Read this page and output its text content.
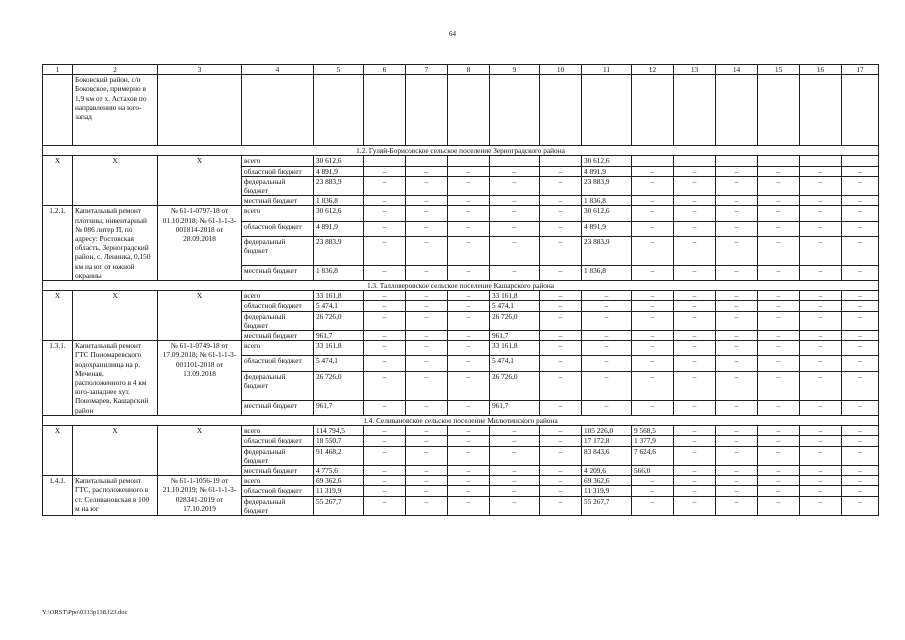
64
1	2	3	4	5	6	7	8	9	10	11	12	13	14	15	16	17
	Боковский район, с/п Боковское, примерно в 1,9 км от х. Астахов по направлению на юго-запад															
1.2. Гуляй-Борисовское сельское поселение Зерноградского района																
X	X	X	всего	30 612,6						30 612,6						
			областной бюджет	4 891,9	–	–	–	–	–	4 891,9	–	–	–	–	–	–
			федеральный бюджет	23 883,9	–	–	–	–	–	23 883,9	–	–	–	–	–	–
			местный бюджет	1 836,8	–	–	–	–	–	1 836,8	–	–	–	–	–	–
1.2.1.	Капитальный ремонт плотины, инвентарный № 086 литер П, по адресу: Ростовская область, Зерноградский район, с. Ленинка, 0,150 км на юг от южной окраины	№ 61-1-0797-18 от 01.10.2018; № 61-1-1-3-001814-2018 от 28.09.2018	всего	30 612,6	–	–	–	–	–	30 612,6	–	–	–	–	–	–
			областной бюджет	4 891,9	–	–	–	–	–	4 891,9	–	–	–	–	–	–
			федеральный бюджет	23 883,9	–	–	–	–	–	23 883,9	–	–	–	–	–	–
			местный бюджет	1 836,8	–	–	–	–	–	1 836,8	–	–	–	–	–	–
1.3. Талловеровское сельское поселение Кашарского района																
X	X	X	всего	33 161,8	–	–	–	33 161,8	–	–	–	–	–	–	–	–
			областной бюджет	5 474,1	–	–	–	5 474,1	–	–	–	–	–	–	–	–
			федеральный бюджет	26 726,0	–	–	–	26 726,0	–	–	–	–	–	–	–	–
			местный бюджет	961,7	–	–	–	961,7	–	–	–	–	–	–	–	–
1.3.1.	Капитальный ремонт ГТС Пономаревского водохранилища на р. Меченая, расположенного в 4 км юго-западнее хут. Пономарев, Кашарский район	№ 61-1-0749-18 от 17.09.2018; № 61-1-1-3-001101-2018 от 13.09.2018	всего	33 161,8	–	–	–	33 161,8	–	–	–	–	–	–	–	–
			областной бюджет	5 474,1	–	–	–	5 474,1	–	–	–	–	–	–	–	–
			федеральный бюджет	26 726,0	–	–	–	26 726,0	–	–	–	–	–	–	–	–
			местный бюджет	961,7	–	–	–	961,7	–	–	–	–	–	–	–	–
1.4. Селивановское сельское поселение Милютинского района																
X	X	X	всего	114 794,5	–	–	–	–	–	105 226,0	9 568,5	–	–	–	–	–
			областной бюджет	18 550,7	–	–	–	–	–	17 172,8	1 377,9	–	–	–	–	–
			федеральный бюджет	91 468,2	–	–	–	–	–	83 843,6	7 624,6	–	–	–	–	–
			местный бюджет	4 775,6	–	–	–	–	–	4 209,6	566,0	–	–	–	–	–
1.4.1.	Капитальный ремонт ГТС, расположенного в ст. Селивановская в 100 м на юг	№ 61-1-1056-19 от 21.10.2019; № 61-1-1-3-028341-2019 от 17.10.2019	всего	69 362,6	–	–	–	–	–	69 362,6	–	–	–	–	–	–
			областной бюджет	11 319,9	–	–	–	–	–	11 319,9	–	–	–	–	–	–
			федеральный бюджет	55 267,7	–	–	–	–	–	55 267,7	–	–	–	–	–	–
Y:\ORST\Ppo\0313p138.f23.doc
